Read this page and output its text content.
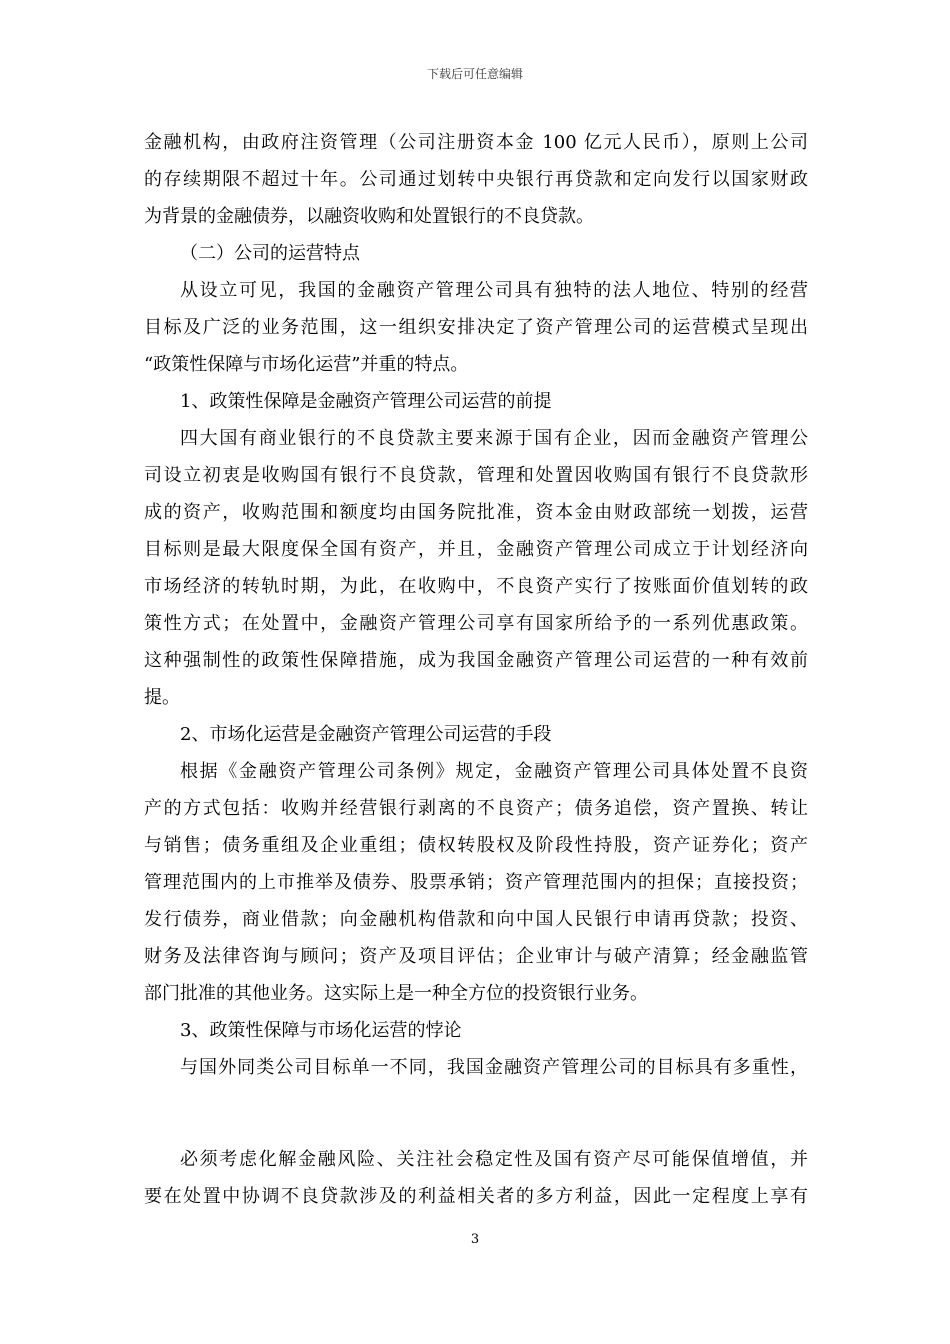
下载后可任意编辑
金融机构，由政府注资管理（公司注册资本金 100 亿元人民币），原则上公司
的存续期限不超过十年。公司通过划转中央银行再贷款和定向发行以国家财政
为背景的金融债券，以融资收购和处置银行的不良贷款。
（二）公司的运营特点
从设立可见，我国的金融资产管理公司具有独特的法人地位、特别的经营
目标及广泛的业务范围，这一组织安排决定了资产管理公司的运营模式呈现出
“政策性保障与市场化运营”并重的特点。
1、政策性保障是金融资产管理公司运营的前提
四大国有商业银行的不良贷款主要来源于国有企业，因而金融资产管理公
司设立初衷是收购国有银行不良贷款，管理和处置因收购国有银行不良贷款形
成的资产，收购范围和额度均由国务院批准，资本金由财政部统一划拨，运营
目标则是最大限度保全国有资产，并且，金融资产管理公司成立于计划经济向
市场经济的转轨时期，为此，在收购中，不良资产实行了按账面价值划转的政
策性方式；在处置中，金融资产管理公司享有国家所给予的一系列优惠政策。
这种强制性的政策性保障措施，成为我国金融资产管理公司运营的一种有效前
提。
2、市场化运营是金融资产管理公司运营的手段
根据《金融资产管理公司条例》规定，金融资产管理公司具体处置不良资
产的方式包括：收购并经营银行剥离的不良资产；债务追偿，资产置换、转让
与销售；债务重组及企业重组；债权转股权及阶段性持股，资产证券化；资产
管理范围内的上市推举及债券、股票承销；资产管理范围内的担保；直接投资；
发行债券，商业借款；向金融机构借款和向中国人民银行申请再贷款；投资、
财务及法律咨询与顾问；资产及项目评估；企业审计与破产清算；经金融监管
部门批准的其他业务。这实际上是一种全方位的投资银行业务。
3、政策性保障与市场化运营的悖论
与国外同类公司目标单一不同，我国金融资产管理公司的目标具有多重性，
必须考虑化解金融风险、关注社会稳定性及国有资产尽可能保值增值，并
要在处置中协调不良贷款涉及的利益相关者的多方利益，因此一定程度上享有
3
